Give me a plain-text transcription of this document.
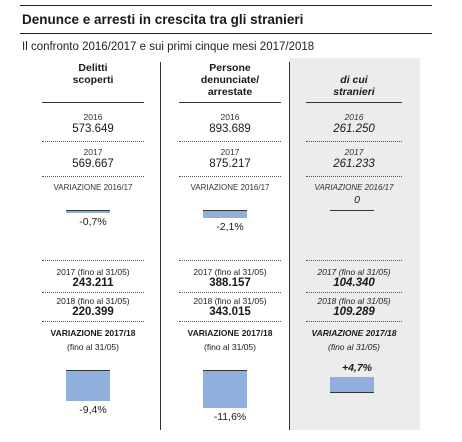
Denunce e arresti in crescita tra gli stranieri
Il confronto 2016/2017 e sui primi cinque mesi 2017/2018
Delitti
scoperti
2016
573.649
2017
569.667
VARIAZIONE 2016/17
-0,7%
2017 (fino al 31/05)
243.211
2018 (fino al 31/05)
220.399
VARIAZIONE 2017/18
(fino al 31/05)
-9,4%
Persone
denunciate/
arrestate
2016
893.689
2017
875.217
VARIAZIONE 2016/17
-2,1%
2017 (fino al 31/05)
388.157
2018 (fino al 31/05)
343.015
VARIAZIONE 2017/18
(fino al 31/05)
-11,6%
di cui
stranieri
2016
261.250
2017
261.233
VARIAZIONE 2016/17
0
2017 (fino al 31/05)
104.340
2018 (fino al 31/05)
109.289
VARIAZIONE 2017/18
(fino al 31/05)
+4,7%
